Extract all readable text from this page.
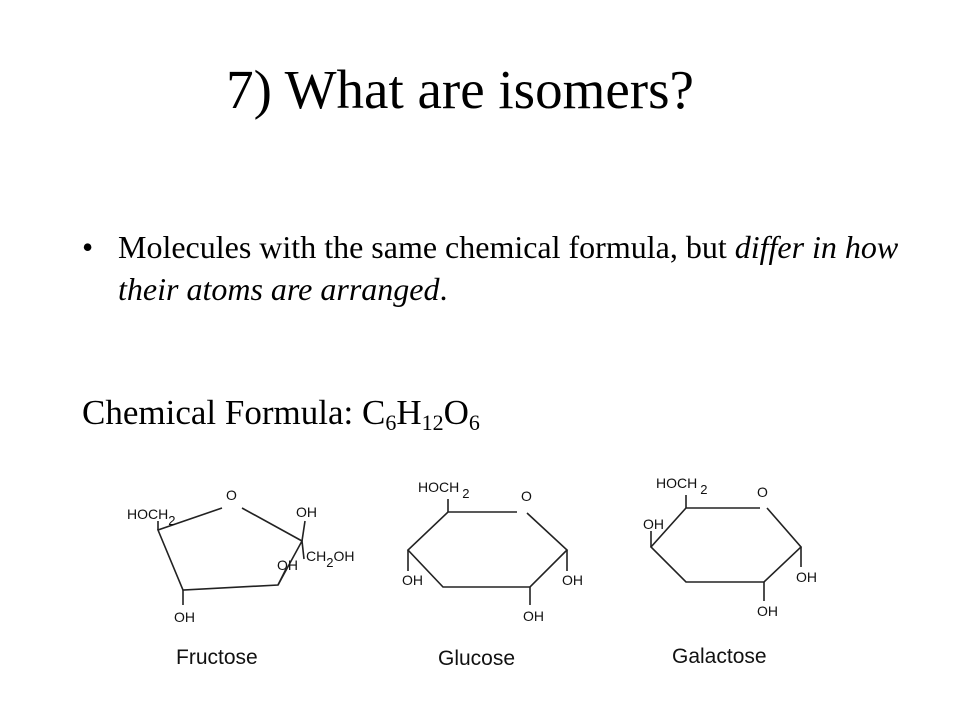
7) What are isomers?
• Molecules with the same chemical formula, but differ in how their atoms are arranged.
Chemical Formula: $C_6H_{12}O_6$
HOCH2
O
OH
CH2OH
OH
OH
Fructose
HOCH 2	O
OH
OH
OH
Glucose
HOCH 2	O
OH
OH
OH
Galactose
